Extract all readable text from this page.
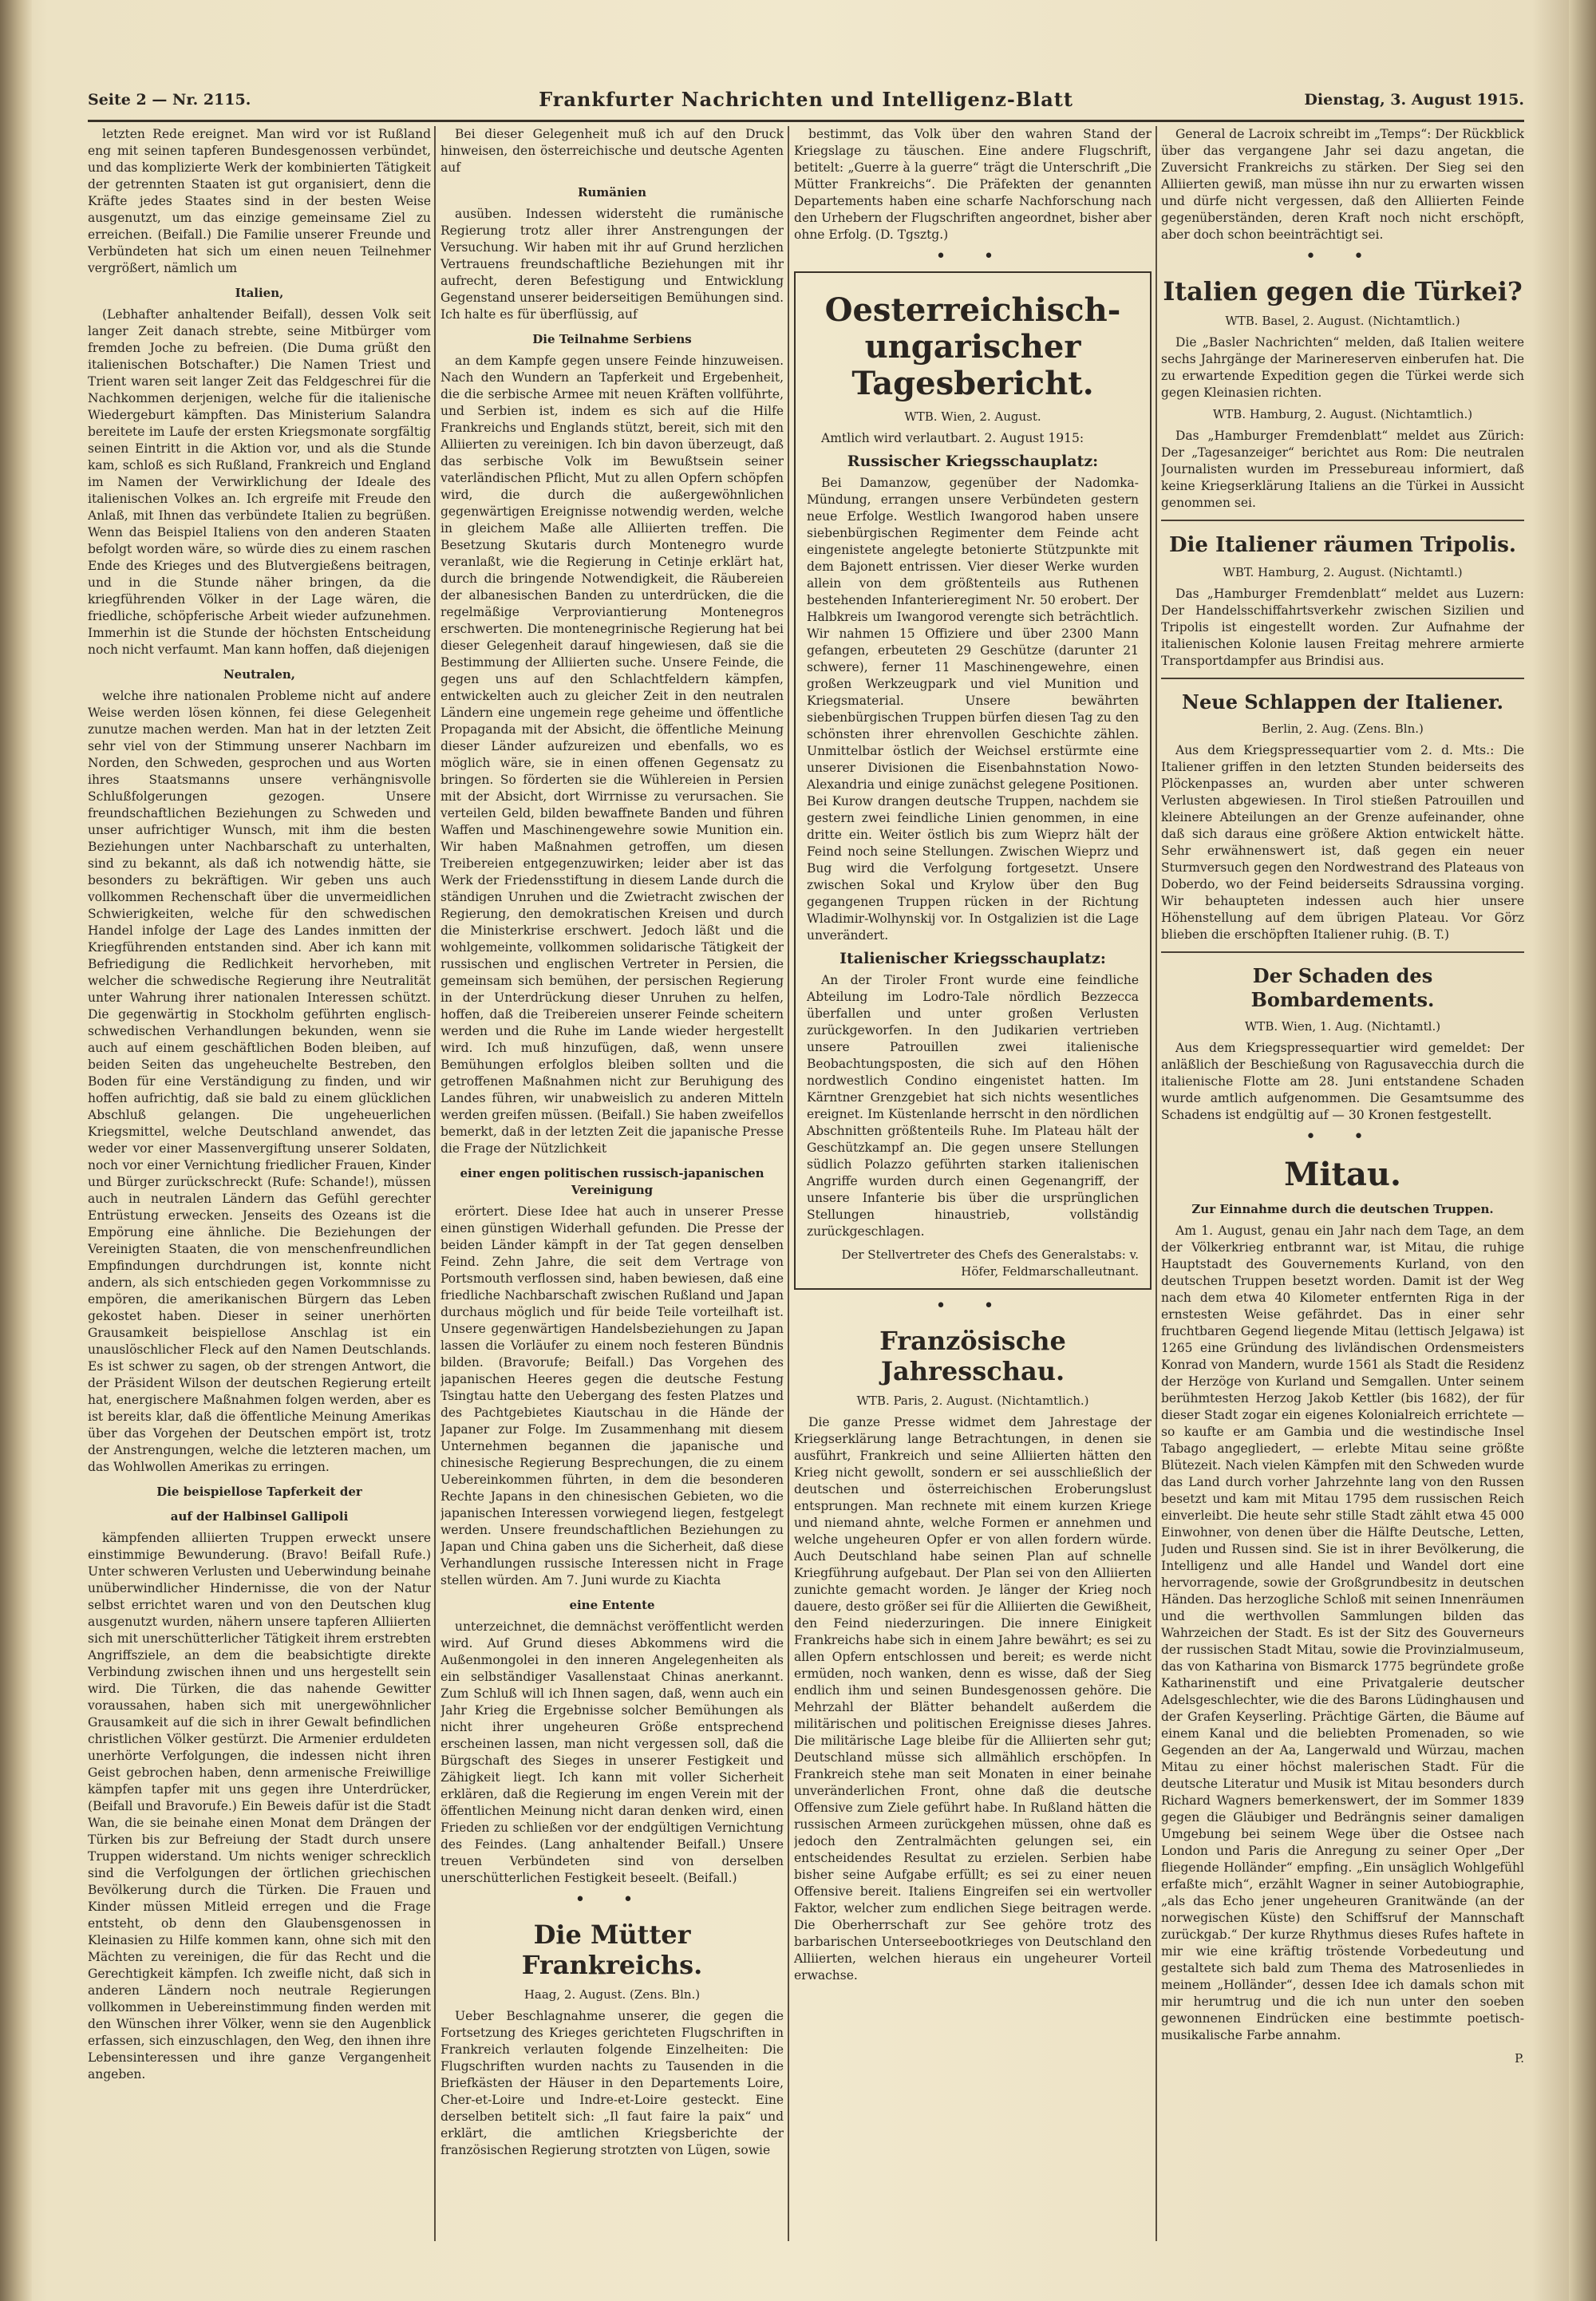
Seite 2 — Nr. 2115.	Frankfurter Nachrichten und Intelligenz-Blatt	Dienstag, 3. August 1915.

letzten Rede ereignet. Man wird vor ist Rußland eng mit seinen tapferen Bundesgenossen verbündet, und das komplizierte Werk der kombinierten Tätigkeit der getrennten Staaten ist gut organisiert, denn die Kräfte jedes Staates sind in der besten Weise ausgenutzt, um das einzige gemeinsame Ziel zu erreichen. (Beifall.) Die Familie unserer Freunde und Verbündeten hat sich um einen neuen Teilnehmer vergrößert, nämlich um

Italien,

(Lebhafter anhaltender Beifall), dessen Volk seit langer Zeit danach strebte, seine Mitbürger vom fremden Joche zu befreien. (Die Duma grüßt den italienischen Botschafter.) Die Namen Triest und Trient waren seit langer Zeit das Feldgeschrei für die Nachkommen derjenigen, welche für die italienische Wiedergeburt kämpften. Das Ministerium Salandra bereitete im Laufe der ersten Kriegsmonate sorgfältig seinen Eintritt in die Aktion vor, und als die Stunde kam, schloß es sich Rußland, Frankreich und England im Namen der Verwirklichung der Ideale des italienischen Volkes an. Ich ergreife mit Freude den Anlaß, mit Ihnen das verbündete Italien zu begrüßen. Wenn das Beispiel Italiens von den anderen Staaten befolgt worden wäre, so würde dies zu einem raschen Ende des Krieges und des Blutvergießens beitragen, und in die Stunde näher bringen, da die kriegführenden Völker in der Lage wären, die friedliche, schöpferische Arbeit wieder aufzunehmen. Immerhin ist die Stunde der höchsten Entscheidung noch nicht verfaumt. Man kann hoffen, daß diejenigen

Neutralen,

welche ihre nationalen Probleme nicht auf andere Weise werden lösen können, fei diese Gelegenheit zunutze machen werden. Man hat in der letzten Zeit sehr viel von der Stimmung unserer Nachbarn im Norden, den Schweden, gesprochen und aus Worten ihres Staatsmanns unsere verhängnisvolle Schlußfolgerungen gezogen. Unsere freundschaftlichen Beziehungen zu Schweden und unser aufrichtiger Wunsch, mit ihm die besten Beziehungen unter Nachbarschaft zu unterhalten, sind zu bekannt, als daß ich notwendig hätte, sie besonders zu bekräftigen. Wir geben uns auch vollkommen Rechenschaft über die unvermeidlichen Schwierigkeiten, welche für den schwedischen Handel infolge der Lage des Landes inmitten der Kriegführenden entstanden sind. Aber ich kann mit Befriedigung die Redlichkeit hervorheben, mit welcher die schwedische Regierung ihre Neutralität unter Wahrung ihrer nationalen Interessen schützt. Die gegenwärtig in Stockholm geführten englisch-schwedischen Verhandlungen bekunden, wenn sie auch auf einem geschäftlichen Boden bleiben, auf beiden Seiten das ungeheuchelte Bestreben, den Boden für eine Verständigung zu finden, und wir hoffen aufrichtig, daß sie bald zu einem glücklichen Abschluß gelangen. Die ungeheuerlichen Kriegsmittel, welche Deutschland anwendet, das weder vor einer Massenvergiftung unserer Soldaten, noch vor einer Vernichtung friedlicher Frauen, Kinder und Bürger zurückschreckt (Rufe: Schande!), müssen auch in neutralen Ländern das Gefühl gerechter Entrüstung erwecken. Jenseits des Ozeans ist die Empörung eine ähnliche. Die Beziehungen der Vereinigten Staaten, die von menschenfreundlichen Empfindungen durchdrungen ist, konnte nicht andern, als sich entschieden gegen Vorkommnisse zu empören, die amerikanischen Bürgern das Leben gekostet haben. Dieser in seiner unerhörten Grausamkeit beispiellose Anschlag ist ein unauslöschlicher Fleck auf den Namen Deutschlands. Es ist schwer zu sagen, ob der strengen Antwort, die der Präsident Wilson der deutschen Regierung erteilt hat, energischere Maßnahmen folgen werden, aber es ist bereits klar, daß die öffentliche Meinung Amerikas über das Vorgehen der Deutschen empört ist, trotz der Anstrengungen, welche die letzteren machen, um das Wohlwollen Amerikas zu erringen.

Die beispiellose Tapferkeit der
auf der Halbinsel Gallipoli

kämpfenden alliierten Truppen erweckt unsere einstimmige Bewunderung. (Bravo! Beifall Rufe.) Unter schweren Verlusten und Ueberwindung beinahe unüberwindlicher Hindernisse, die von der Natur selbst errichtet waren und von den Deutschen klug ausgenutzt wurden, nähern unsere tapferen Alliierten sich mit unerschütterlicher Tätigkeit ihrem erstrebten Angriffsziele, an dem die beabsichtigte direkte Verbindung zwischen ihnen und uns hergestellt sein wird. Die Türken, die das nahende Gewitter voraussahen, haben sich mit unergewöhnlicher Grausamkeit auf die sich in ihrer Gewalt befindlichen christlichen Völker gestürzt. Die Armenier erduldeten unerhörte Verfolgungen, die indessen nicht ihren Geist gebrochen haben, denn armenische Freiwillige kämpfen tapfer mit uns gegen ihre Unterdrücker, (Beifall und Bravorufe.) Ein Beweis dafür ist die Stadt Wan, die sie beinahe einen Monat dem Drängen der Türken bis zur Befreiung der Stadt durch unsere Truppen widerstand. Um nichts weniger schrecklich sind die Verfolgungen der örtlichen griechischen Bevölkerung durch die Türken. Die Frauen und Kinder müssen Mitleid erregen und die Frage entsteht, ob denn den Glaubensgenossen in Kleinasien zu Hilfe kommen kann, ohne sich mit den Mächten zu vereinigen, die für das Recht und die Gerechtigkeit kämpfen. Ich zweifle nicht, daß sich in anderen Ländern noch neutrale Regierungen vollkommen in Uebereinstimmung finden werden mit den Wünschen ihrer Völker, wenn sie den Augenblick erfassen, sich einzuschlagen, den Weg, den ihnen ihre Lebensinteressen und ihre ganze Vergangenheit angeben.

Bei dieser Gelegenheit muß ich auf den Druck hinweisen, den österreichische und deutsche Agenten auf

Rumänien

ausüben. Indessen widersteht die rumänische Regierung trotz aller ihrer Anstrengungen der Versuchung. Wir haben mit ihr auf Grund herzlichen Vertrauens freundschaftliche Beziehungen mit ihr aufrecht, deren Befestigung und Entwicklung Gegenstand unserer beiderseitigen Bemühungen sind. Ich halte es für überflüssig, auf

Die Teilnahme Serbiens

an dem Kampfe gegen unsere Feinde hinzuweisen. Nach den Wundern an Tapferkeit und Ergebenheit, die die serbische Armee mit neuen Kräften vollführte, und Serbien ist, indem es sich auf die Hilfe Frankreichs und Englands stützt, bereit, sich mit den Alliierten zu vereinigen. Ich bin davon überzeugt, daß das serbische Volk im Bewußtsein seiner vaterländischen Pflicht, Mut zu allen Opfern schöpfen wird, die durch die außergewöhnlichen gegenwärtigen Ereignisse notwendig werden, welche in gleichem Maße alle Alliierten treffen. Die Besetzung Skutaris durch Montenegro wurde veranlaßt, wie die Regierung in Cetinje erklärt hat, durch die bringende Notwendigkeit, die Räubereien der albanesischen Banden zu unterdrücken, die die regelmäßige Verproviantierung Montenegros erschwerten. Die montenegrinische Regierung hat bei dieser Gelegenheit darauf hingewiesen, daß sie die Bestimmung der Alliierten suche. Unsere Feinde, die gegen uns auf den Schlachtfeldern kämpfen, entwickelten auch zu gleicher Zeit in den neutralen Ländern eine ungemein rege geheime und öffentliche Propaganda mit der Absicht, die öffentliche Meinung dieser Länder aufzureizen und ebenfalls, wo es möglich wäre, sie in einen offenen Gegensatz zu bringen. So förderten sie die Wühlereien in Persien mit der Absicht, dort Wirrnisse zu verursachen. Sie verteilen Geld, bilden bewaffnete Banden und führen Waffen und Maschinengewehre sowie Munition ein. Wir haben Maßnahmen getroffen, um diesen Treibereien entgegenzuwirken; leider aber ist das Werk der Friedensstiftung in diesem Lande durch die ständigen Unruhen und die Zwietracht zwischen der Regierung, den demokratischen Kreisen und durch die Ministerkrise erschwert. Jedoch läßt und die wohlgemeinte, vollkommen solidarische Tätigkeit der russischen und englischen Vertreter in Persien, die gemeinsam sich bemühen, der persischen Regierung in der Unterdrückung dieser Unruhen zu helfen, hoffen, daß die Treibereien unserer Feinde scheitern werden und die Ruhe im Lande wieder hergestellt wird. Ich muß hinzufügen, daß, wenn unsere Bemühungen erfolglos bleiben sollten und die getroffenen Maßnahmen nicht zur Beruhigung des Landes führen, wir unabweislich zu anderen Mitteln werden greifen müssen. (Beifall.) Sie haben zweifellos bemerkt, daß in der letzten Zeit die japanische Presse die Frage der Nützlichkeit

einer engen politischen russisch-japanischen Vereinigung

erörtert. Diese Idee hat auch in unserer Presse einen günstigen Widerhall gefunden. Die Presse der beiden Länder kämpft in der Tat gegen denselben Feind. Zehn Jahre, die seit dem Vertrage von Portsmouth verflossen sind, haben bewiesen, daß eine friedliche Nachbarschaft zwischen Rußland und Japan durchaus möglich und für beide Teile vorteilhaft ist. Unsere gegenwärtigen Handelsbeziehungen zu Japan lassen die Vorläufer zu einem noch festeren Bündnis bilden. (Bravorufe; Beifall.) Das Vorgehen des japanischen Heeres gegen die deutsche Festung Tsingtau hatte den Uebergang des festen Platzes und des Pachtgebietes Kiautschau in die Hände der Japaner zur Folge. Im Zusammenhang mit diesem Unternehmen begannen die japanische und chinesische Regierung Besprechungen, die zu einem Uebereinkommen führten, in dem die besonderen Rechte Japans in den chinesischen Gebieten, wo die japanischen Interessen vorwiegend liegen, festgelegt werden. Unsere freundschaftlichen Beziehungen zu Japan und China gaben uns die Sicherheit, daß diese Verhandlungen russische Interessen nicht in Frage stellen würden. Am 7. Juni wurde zu Kiachta

eine Entente

unterzeichnet, die demnächst veröffentlicht werden wird. Auf Grund dieses Abkommens wird die Außenmongolei in den inneren Angelegenheiten als ein selbständiger Vasallenstaat Chinas anerkannt. Zum Schluß will ich Ihnen sagen, daß, wenn auch ein Jahr Krieg die Ergebnisse solcher Bemühungen als nicht ihrer ungeheuren Größe entsprechend erscheinen lassen, man nicht vergessen soll, daß die Bürgschaft des Sieges in unserer Festigkeit und Zähigkeit liegt. Ich kann mit voller Sicherheit erklären, daß die Regierung im engen Verein mit der öffentlichen Meinung nicht daran denken wird, einen Frieden zu schließen vor der endgültigen Vernichtung des Feindes. (Lang anhaltender Beifall.) Unsere treuen Verbündeten sind von derselben unerschütterlichen Festigkeit beseelt. (Beifall.)

• •
Die Mütter Frankreichs.
Haag, 2. August. (Zens. Bln.)

Ueber Beschlagnahme unserer, die gegen die Fortsetzung des Krieges gerichteten Flugschriften in Frankreich verlauten folgende Einzelheiten: Die Flugschriften wurden nachts zu Tausenden in die Briefkästen der Häuser in den Departements Loire, Cher-et-Loire und Indre-et-Loire gesteckt. Eine derselben betitelt sich: „Il faut faire la paix“ und erklärt, die amtlichen Kriegsberichte der französischen Regierung strotzten von Lügen, sowie

bestimmt, das Volk über den wahren Stand der Kriegslage zu täuschen. Eine andere Flugschrift, betitelt: „Guerre à la guerre“ trägt die Unterschrift „Die Mütter Frankreichs“. Die Präfekten der genannten Departements haben eine scharfe Nachforschung nach den Urhebern der Flugschriften angeordnet, bisher aber ohne Erfolg. (D. Tgsztg.)

• •
Oesterreichisch-ungarischer Tagesbericht.
WTB. Wien, 2. August.

Amtlich wird verlautbart. 2. August 1915:

Russischer Kriegsschauplatz:

Bei Damanzow, gegenüber der Nadomka-Mündung, errangen unsere Verbündeten gestern neue Erfolge. Westlich Iwangorod haben unsere siebenbürgischen Regimenter dem Feinde acht eingenistete angelegte betonierte Stützpunkte mit dem Bajonett entrissen. Vier dieser Werke wurden allein von dem größtenteils aus Ruthenen bestehenden Infanterieregiment Nr. 50 erobert. Der Halbkreis um Iwangorod verengte sich beträchtlich. Wir nahmen 15 Offiziere und über 2300 Mann gefangen, erbeuteten 29 Geschütze (darunter 21 schwere), ferner 11 Maschinengewehre, einen großen Werkzeugpark und viel Munition und Kriegsmaterial. Unsere bewährten siebenbürgischen Truppen bürfen diesen Tag zu den schönsten ihrer ehrenvollen Geschichte zählen. Unmittelbar östlich der Weichsel erstürmte eine unserer Divisionen die Eisenbahnstation Nowo-Alexandria und einige zunächst gelegene Positionen. Bei Kurow drangen deutsche Truppen, nachdem sie gestern zwei feindliche Linien genommen, in eine dritte ein. Weiter östlich bis zum Wieprz hält der Feind noch seine Stellungen. Zwischen Wieprz und Bug wird die Verfolgung fortgesetzt. Unsere zwischen Sokal und Krylow über den Bug gegangenen Truppen rücken in der Richtung Wladimir-Wolhynskij vor. In Ostgalizien ist die Lage unverändert.

Italienischer Kriegsschauplatz:

An der Tiroler Front wurde eine feindliche Abteilung im Lodro-Tale nördlich Bezzecca überfallen und unter großen Verlusten zurückgeworfen. In den Judikarien vertrieben unsere Patrouillen zwei italienische Beobachtungsposten, die sich auf den Höhen nordwestlich Condino eingenistet hatten. Im Kärntner Grenzgebiet hat sich nichts wesentliches ereignet. Im Küstenlande herrscht in den nördlichen Abschnitten größtenteils Ruhe. Im Plateau hält der Geschützkampf an. Die gegen unsere Stellungen südlich Polazzo geführten starken italienischen Angriffe wurden durch einen Gegenangriff, der unsere Infanterie bis über die ursprünglichen Stellungen hinaustrieb, vollständig zurückgeschlagen.

Der Stellvertreter des Chefs des Generalstabs: v. Höfer, Feldmarschalleutnant.
• •
Französische Jahresschau.
WTB. Paris, 2. August. (Nichtamtlich.)

Die ganze Presse widmet dem Jahrestage der Kriegserklärung lange Betrachtungen, in denen sie ausführt, Frankreich und seine Alliierten hätten den Krieg nicht gewollt, sondern er sei ausschließlich der deutschen und österreichischen Eroberungslust entsprungen. Man rechnete mit einem kurzen Kriege und niemand ahnte, welche Formen er annehmen und welche ungeheuren Opfer er von allen fordern würde. Auch Deutschland habe seinen Plan auf schnelle Kriegführung aufgebaut. Der Plan sei von den Alliierten zunichte gemacht worden. Je länger der Krieg noch dauere, desto größer sei für die Alliierten die Gewißheit, den Feind niederzuringen. Die innere Einigkeit Frankreichs habe sich in einem Jahre bewährt; es sei zu allen Opfern entschlossen und bereit; es werde nicht ermüden, noch wanken, denn es wisse, daß der Sieg endlich ihm und seinen Bundesgenossen gehöre. Die Mehrzahl der Blätter behandelt außerdem die militärischen und politischen Ereignisse dieses Jahres. Die militärische Lage bleibe für die Alliierten sehr gut; Deutschland müsse sich allmählich erschöpfen. In Frankreich stehe man seit Monaten in einer beinahe unveränderlichen Front, ohne daß die deutsche Offensive zum Ziele geführt habe. In Rußland hätten die russischen Armeen zurückgehen müssen, ohne daß es jedoch den Zentralmächten gelungen sei, ein entscheidendes Resultat zu erzielen. Serbien habe bisher seine Aufgabe erfüllt; es sei zu einer neuen Offensive bereit. Italiens Eingreifen sei ein wertvoller Faktor, welcher zum endlichen Siege beitragen werde. Die Oberherrschaft zur See gehöre trotz des barbarischen Unterseebootkrieges von Deutschland den Alliierten, welchen hieraus ein ungeheurer Vorteil erwachse.

General de Lacroix schreibt im „Temps“: Der Rückblick über das vergangene Jahr sei dazu angetan, die Zuversicht Frankreichs zu stärken. Der Sieg sei den Alliierten gewiß, man müsse ihn nur zu erwarten wissen und dürfe nicht vergessen, daß den Alliierten Feinde gegenüberständen, deren Kraft noch nicht erschöpft, aber doch schon beeinträchtigt sei.

• •
Italien gegen die Türkei?
WTB. Basel, 2. August. (Nichtamtlich.)

Die „Basler Nachrichten“ melden, daß Italien weitere sechs Jahrgänge der Marinereserven einberufen hat. Die zu erwartende Expedition gegen die Türkei werde sich gegen Kleinasien richten.

WTB. Hamburg, 2. August. (Nichtamtlich.)

Das „Hamburger Fremdenblatt“ meldet aus Zürich: Der „Tagesanzeiger“ berichtet aus Rom: Die neutralen Journalisten wurden im Pressebureau informiert, daß keine Kriegserklärung Italiens an die Türkei in Aussicht genommen sei.

Die Italiener räumen Tripolis.
WBT. Hamburg, 2. August. (Nichtamtl.)

Das „Hamburger Fremdenblatt“ meldet aus Luzern: Der Handelsschiffahrtsverkehr zwischen Sizilien und Tripolis ist eingestellt worden. Zur Aufnahme der italienischen Kolonie lausen Freitag mehrere armierte Transportdampfer aus Brindisi aus.

Neue Schlappen der Italiener.
Berlin, 2. Aug. (Zens. Bln.)

Aus dem Kriegspressequartier vom 2. d. Mts.: Die Italiener griffen in den letzten Stunden beiderseits des Plöckenpasses an, wurden aber unter schweren Verlusten abgewiesen. In Tirol stießen Patrouillen und kleinere Abteilungen an der Grenze aufeinander, ohne daß sich daraus eine größere Aktion entwickelt hätte. Sehr erwähnenswert ist, daß gegen ein neuer Sturmversuch gegen den Nordwestrand des Plateaus von Doberdo, wo der Feind beiderseits Sdraussina vorging. Wir behaupteten indessen auch hier unsere Höhenstellung auf dem übrigen Plateau. Vor Görz blieben die erschöpften Italiener ruhig. (B. T.)

Der Schaden des Bombardements.
WTB. Wien, 1. Aug. (Nichtamtl.)

Aus dem Kriegspressequartier wird gemeldet: Der anläßlich der Beschießung von Ragusavecchia durch die italienische Flotte am 28. Juni entstandene Schaden wurde amtlich aufgenommen. Die Gesamtsumme des Schadens ist endgültig auf — 30 Kronen festgestellt.

• •
Mitau.
Zur Einnahme durch die deutschen Truppen.

Am 1. August, genau ein Jahr nach dem Tage, an dem der Völkerkrieg entbrannt war, ist Mitau, die ruhige Hauptstadt des Gouvernements Kurland, von den deutschen Truppen besetzt worden. Damit ist der Weg nach dem etwa 40 Kilometer entfernten Riga in der ernstesten Weise gefährdet. Das in einer sehr fruchtbaren Gegend liegende Mitau (lettisch Jelgawa) ist 1265 eine Gründung des livländischen Ordensmeisters Konrad von Mandern, wurde 1561 als Stadt die Residenz der Herzöge von Kurland und Semgallen. Unter seinem berühmtesten Herzog Jakob Kettler (bis 1682), der für dieser Stadt zogar ein eigenes Kolonialreich errichtete — so kaufte er am Gambia und die westindische Insel Tabago angegliedert, — erlebte Mitau seine größte Blütezeit. Nach vielen Kämpfen mit den Schweden wurde das Land durch vorher Jahrzehnte lang von den Russen besetzt und kam mit Mitau 1795 dem russischen Reich einverleibt. Die heute sehr stille Stadt zählt etwa 45 000 Einwohner, von denen über die Hälfte Deutsche, Letten, Juden und Russen sind. Sie ist in ihrer Bevölkerung, die Intelligenz und alle Handel und Wandel dort eine hervorragende, sowie der Großgrundbesitz in deutschen Händen. Das herzogliche Schloß mit seinen Innenräumen und die werthvollen Sammlungen bilden das Wahrzeichen der Stadt. Es ist der Sitz des Gouverneurs der russischen Stadt Mitau, sowie die Provinzialmuseum, das von Katharina von Bismarck 1775 begründete große Katharinenstift und eine Privatgalerie deutscher Adelsgeschlechter, wie die des Barons Lüdinghausen und der Grafen Keyserling. Prächtige Gärten, die Bäume auf einem Kanal und die beliebten Promenaden, so wie Gegenden an der Aa, Langerwald und Würzau, machen Mitau zu einer höchst malerischen Stadt. Für die deutsche Literatur und Musik ist Mitau besonders durch Richard Wagners bemerkenswert, der im Sommer 1839 gegen die Gläubiger und Bedrängnis seiner damaligen Umgebung bei seinem Wege über die Ostsee nach London und Paris die Anregung zu seiner Oper „Der fliegende Holländer“ empfing. „Ein unsäglich Wohlgefühl erfaßte mich“, erzählt Wagner in seiner Autobiographie, „als das Echo jener ungeheuren Granitwände (an der norwegischen Küste) den Schiffsruf der Mannschaft zurückgab.“ Der kurze Rhythmus dieses Rufes haftete in mir wie eine kräftig tröstende Vorbedeutung und gestaltete sich bald zum Thema des Matrosenliedes in meinem „Holländer“, dessen Idee ich damals schon mit mir herumtrug und die ich nun unter den soeben gewonnenen Eindrücken eine bestimmte poetisch-musikalische Farbe annahm.

P.
